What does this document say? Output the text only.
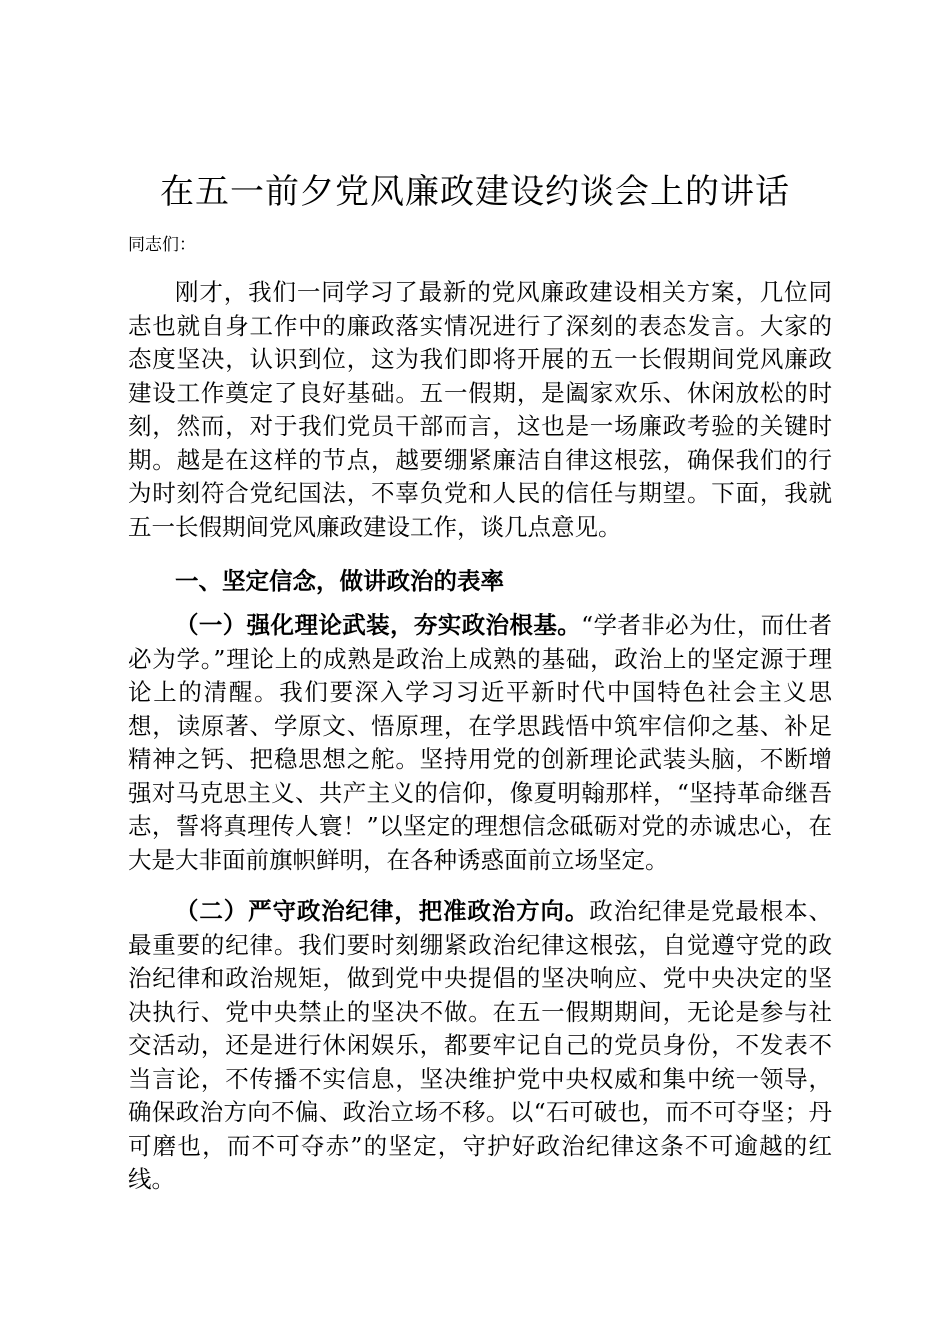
在五一前夕党风廉政建设约谈会上的讲话
同志们：
刚才，我们一同学习了最新的党风廉政建设相关方案，几位同志也就自身工作中的廉政落实情况进行了深刻的表态发言。大家的态度坚决，认识到位，这为我们即将开展的五一长假期间党风廉政建设工作奠定了良好基础。五一假期，是阖家欢乐、休闲放松的时刻，然而，对于我们党员干部而言，这也是一场廉政考验的关键时期。越是在这样的节点，越要绷紧廉洁自律这根弦，确保我们的行为时刻符合党纪国法，不辜负党和人民的信任与期望。下面，我就五一长假期间党风廉政建设工作，谈几点意见。
一、坚定信念，做讲政治的表率
（一）强化理论武装，夯实政治根基。“学者非必为仕，而仕者必为学。”理论上的成熟是政治上成熟的基础，政治上的坚定源于理论上的清醒。我们要深入学习习近平新时代中国特色社会主义思想，读原著、学原文、悟原理，在学思践悟中筑牢信仰之基、补足精神之钙、把稳思想之舵。坚持用党的创新理论武装头脑，不断增强对马克思主义、共产主义的信仰，像夏明翰那样，“坚持革命继吾志，誓将真理传人寰！”以坚定的理想信念砥砺对党的赤诚忠心，在大是大非面前旗帜鲜明，在各种诱惑面前立场坚定。
（二）严守政治纪律，把准政治方向。政治纪律是党最根本、最重要的纪律。我们要时刻绷紧政治纪律这根弦，自觉遵守党的政治纪律和政治规矩，做到党中央提倡的坚决响应、党中央决定的坚决执行、党中央禁止的坚决不做。在五一假期期间，无论是参与社交活动，还是进行休闲娱乐，都要牢记自己的党员身份，不发表不当言论，不传播不实信息，坚决维护党中央权威和集中统一领导，确保政治方向不偏、政治立场不移。以“石可破也，而不可夺坚；丹可磨也，而不可夺赤”的坚定，守护好政治纪律这条不可逾越的红线。
